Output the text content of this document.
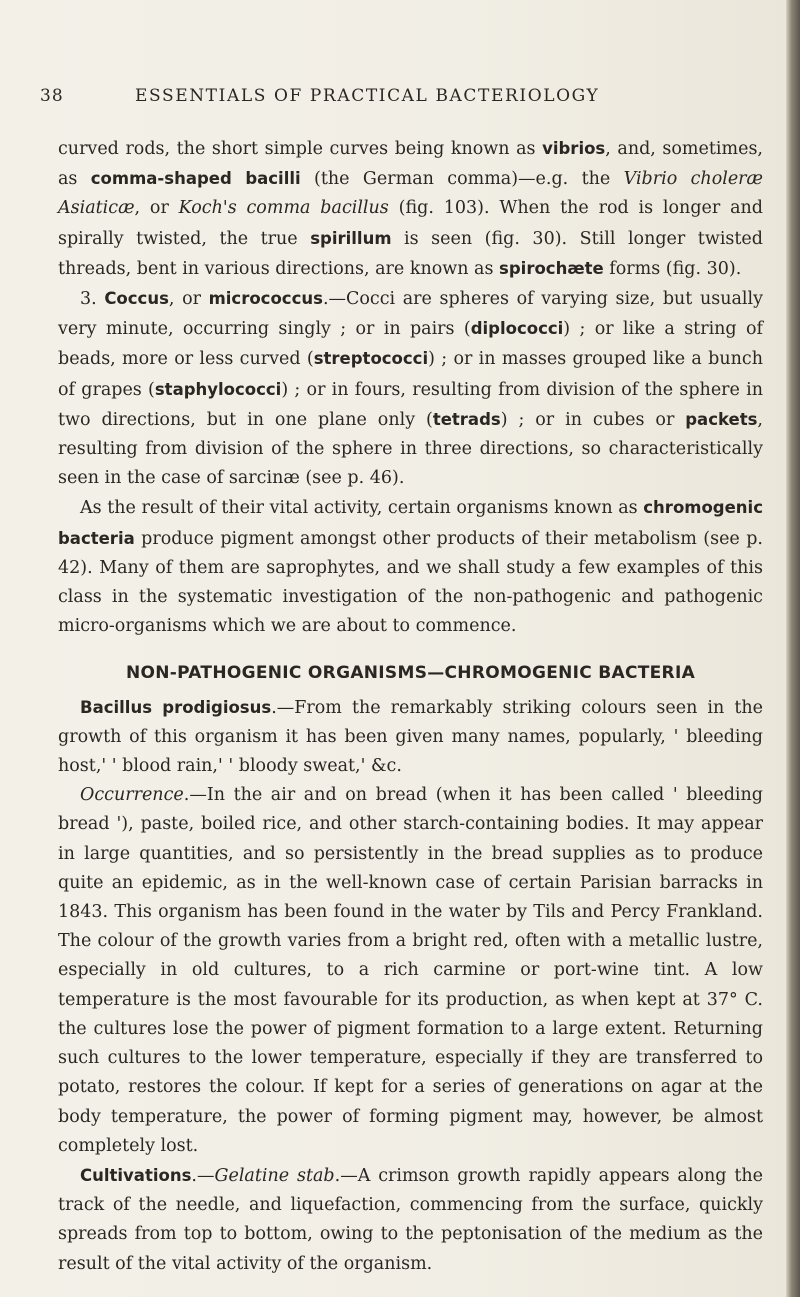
38	ESSENTIALS OF PRACTICAL BACTERIOLOGY

curved rods, the short simple curves being known as vibrios, and, sometimes, as comma-shaped bacilli (the German comma)—e.g. the Vibrio choleræ Asiaticæ, or Koch's comma bacillus (fig. 103). When the rod is longer and spirally twisted, the true spirillum is seen (fig. 30). Still longer twisted threads, bent in various directions, are known as spirochæte forms (fig. 30).

3. Coccus, or micrococcus.—Cocci are spheres of varying size, but usually very minute, occurring singly ; or in pairs (diplococci) ; or like a string of beads, more or less curved (streptococci) ; or in masses grouped like a bunch of grapes (staphylococci) ; or in fours, resulting from division of the sphere in two directions, but in one plane only (tetrads) ; or in cubes or packets, resulting from division of the sphere in three directions, so characteristically seen in the case of sarcinæ (see p. 46).

As the result of their vital activity, certain organisms known as chromogenic bacteria produce pigment amongst other products of their metabolism (see p. 42). Many of them are saprophytes, and we shall study a few examples of this class in the systematic investigation of the non-pathogenic and pathogenic micro-organisms which we are about to commence.

NON-PATHOGENIC ORGANISMS—CHROMOGENIC BACTERIA

Bacillus prodigiosus.—From the remarkably striking colours seen in the growth of this organism it has been given many names, popularly, ' bleeding host,' ' blood rain,' ' bloody sweat,' &c.

Occurrence.—In the air and on bread (when it has been called ' bleeding bread '), paste, boiled rice, and other starch-containing bodies. It may appear in large quantities, and so persistently in the bread supplies as to produce quite an epidemic, as in the well-known case of certain Parisian barracks in 1843. This organism has been found in the water by Tils and Percy Frankland. The colour of the growth varies from a bright red, often with a metallic lustre, especially in old cultures, to a rich carmine or port-wine tint. A low temperature is the most favourable for its production, as when kept at 37° C. the cultures lose the power of pigment formation to a large extent. Returning such cultures to the lower temperature, especially if they are transferred to potato, restores the colour. If kept for a series of generations on agar at the body temperature, the power of forming pigment may, however, be almost completely lost.

Cultivations.—Gelatine stab.—A crimson growth rapidly appears along the track of the needle, and liquefaction, commencing from the surface, quickly spreads from top to bottom, owing to the peptonisation of the medium as the result of the vital activity of the organism.
